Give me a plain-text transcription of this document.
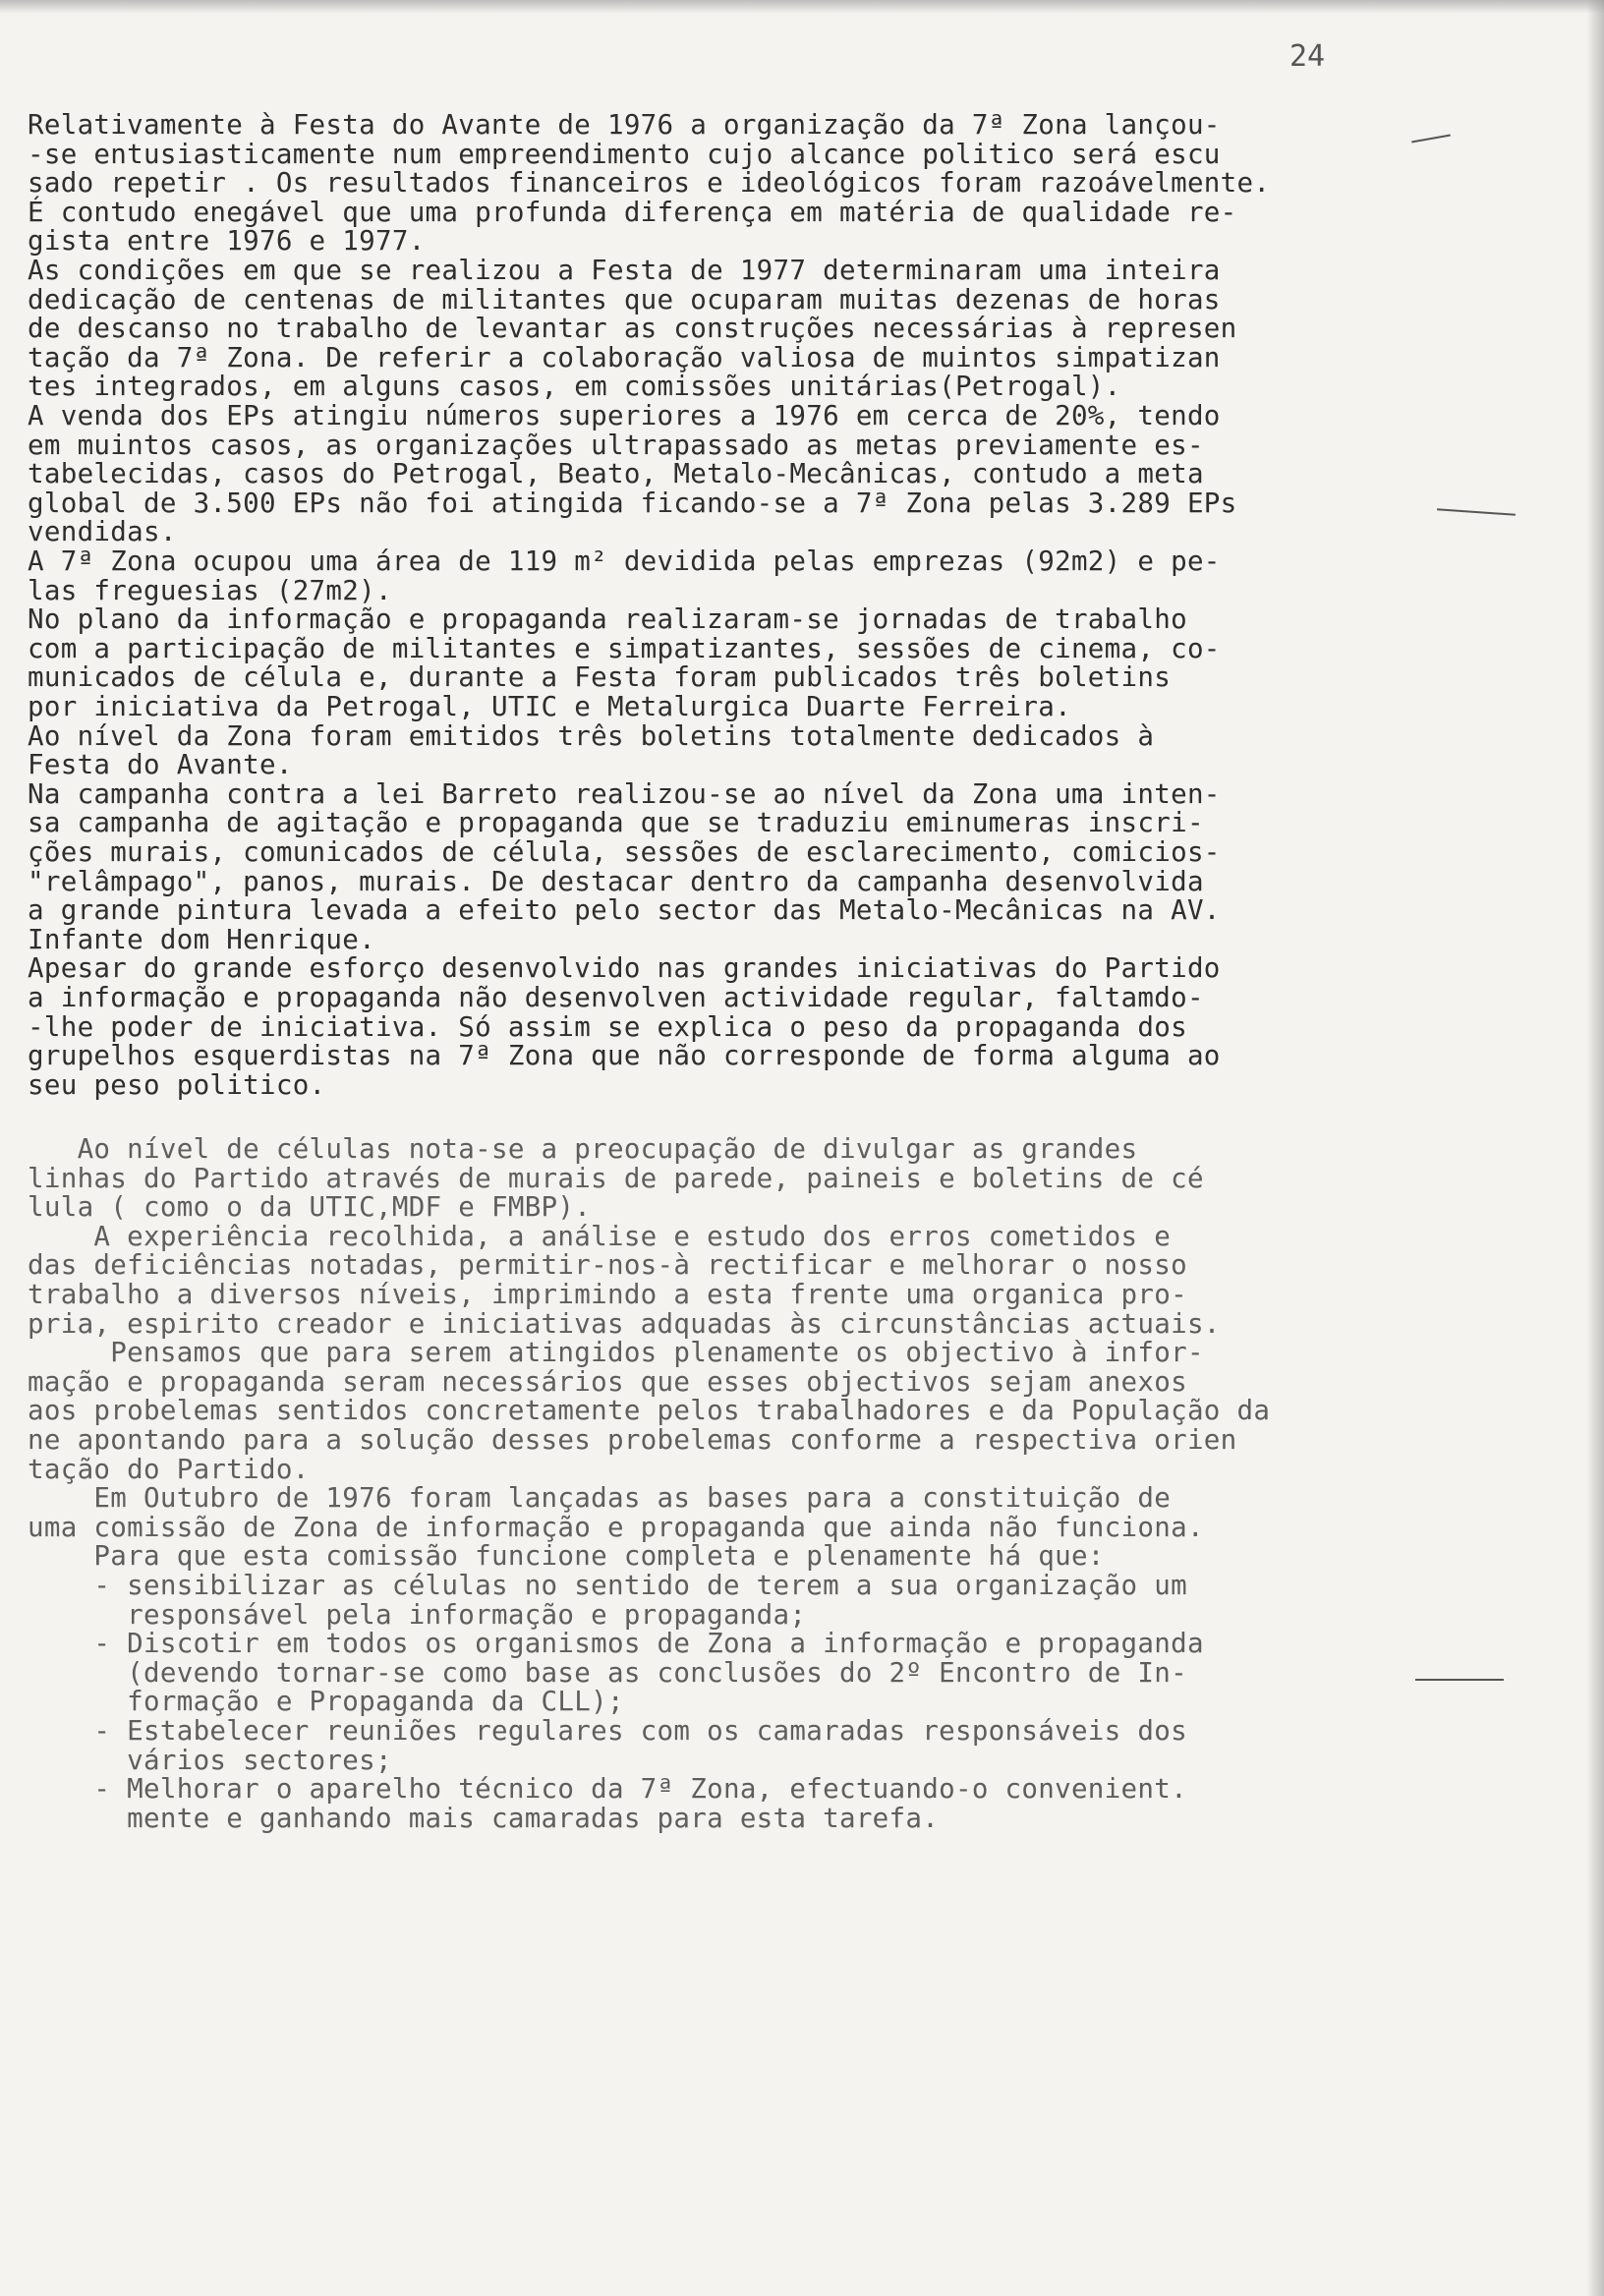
24
Relativamente à Festa do Avante de 1976 a organização da 7ª Zona lançou-
-se entusiasticamente num empreendimento cujo alcance politico será escu
sado repetir . Os resultados financeiros e ideológicos foram razoávelmente.
É contudo enegável que uma profunda diferença em matéria de qualidade re-
gista entre 1976 e 1977.
As condições em que se realizou a Festa de 1977 determinaram uma inteira
dedicação de centenas de militantes que ocuparam muitas dezenas de horas
de descanso no trabalho de levantar as construções necessárias à represen
tação da 7ª Zona. De referir a colaboração valiosa de muintos simpatizan
tes integrados, em alguns casos, em comissões unitárias(Petrogal).
A venda dos EPs atingiu números superiores a 1976 em cerca de 20%, tendo
em muintos casos, as organizações ultrapassado as metas previamente es-
tabelecidas, casos do Petrogal, Beato, Metalo-Mecânicas, contudo a meta
global de 3.500 EPs não foi atingida ficando-se a 7ª Zona pelas 3.289 EPs
vendidas.
A 7ª Zona ocupou uma área de 119 m² devidida pelas emprezas (92m2) e pe-
las freguesias (27m2).
No plano da informação e propaganda realizaram-se jornadas de trabalho
com a participação de militantes e simpatizantes, sessões de cinema, co-
municados de célula e, durante a Festa foram publicados três boletins
por iniciativa da Petrogal, UTIC e Metalurgica Duarte Ferreira.
Ao nível da Zona foram emitidos três boletins totalmente dedicados à
Festa do Avante.
Na campanha contra a lei Barreto realizou-se ao nível da Zona uma inten-
sa campanha de agitação e propaganda que se traduziu eminumeras inscri-
ções murais, comunicados de célula, sessões de esclarecimento, comicios-
"relâmpago", panos, murais. De destacar dentro da campanha desenvolvida
a grande pintura levada a efeito pelo sector das Metalo-Mecânicas na AV.
Infante dom Henrique.
Apesar do grande esforço desenvolvido nas grandes iniciativas do Partido
a informação e propaganda não desenvolven actividade regular, faltamdo-
-lhe poder de iniciativa. Só assim se explica o peso da propaganda dos
grupelhos esquerdistas na 7ª Zona que não corresponde de forma alguma ao
seu peso politico.
Ao nível de células nota-se a preocupação de divulgar as grandes
linhas do Partido através de murais de parede, paineis e boletins de cé
lula ( como o da UTIC,MDF e FMBP).
A experiência recolhida, a análise e estudo dos erros cometidos e
das deficiências notadas, permitir-nos-à rectificar e melhorar o nosso
trabalho a diversos níveis, imprimindo a esta frente uma organica pro-
pria, espirito creador e iniciativas adquadas às circunstâncias actuais.
Pensamos que para serem atingidos plenamente os objectivo à infor-
mação e propaganda seram necessários que esses objectivos sejam anexos
aos probelemas sentidos concretamente pelos trabalhadores e da População da
ne apontando para a solução desses probelemas conforme a respectiva orien
tação do Partido.
Em Outubro de 1976 foram lançadas as bases para a constituição de
uma comissão de Zona de informação e propaganda que ainda não funciona.
Para que esta comissão funcione completa e plenamente há que:
- sensibilizar as células no sentido de terem a sua organização um
responsável pela informação e propaganda;
- Discotir em todos os organismos de Zona a informação e propaganda
(devendo tornar-se como base as conclusões do 2º Encontro de In-
formação e Propaganda da CLL);
- Estabelecer reuniões regulares com os camaradas responsáveis dos
vários sectores;
- Melhorar o aparelho técnico da 7ª Zona, efectuando-o convenient.
mente e ganhando mais camaradas para esta tarefa.
